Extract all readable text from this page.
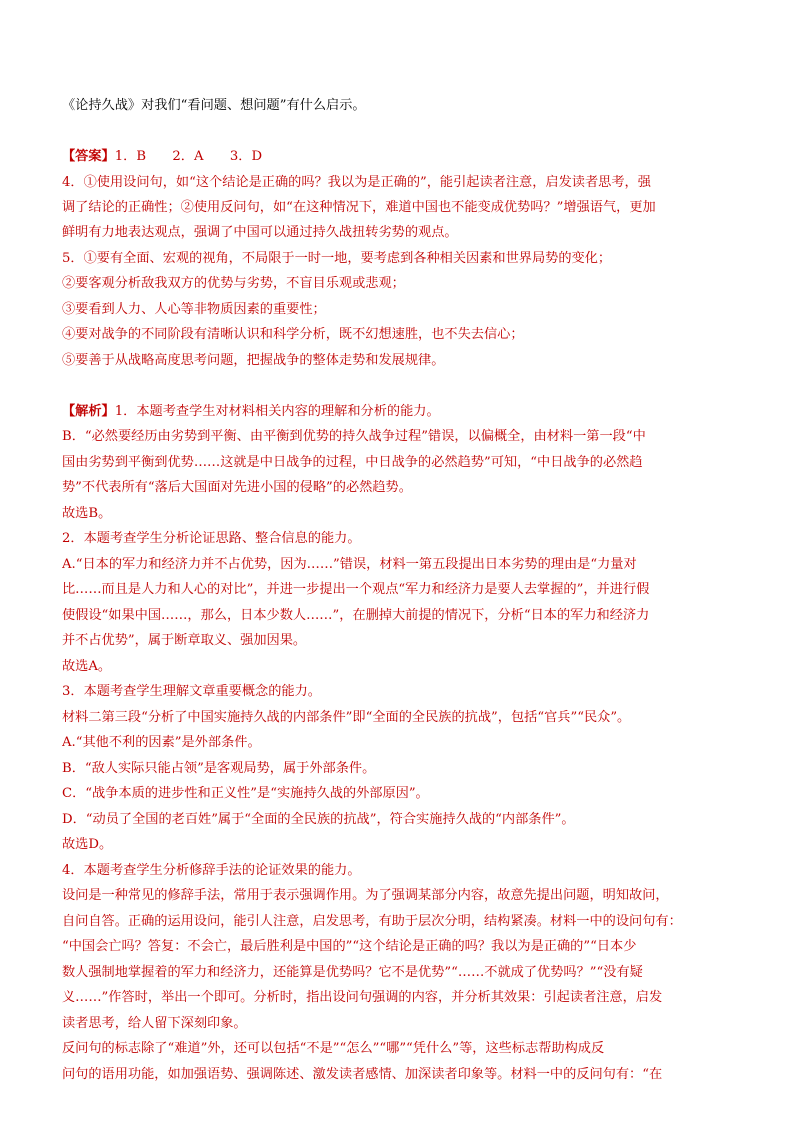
《论持久战》对我们“看问题、想问题”有什么启示。
【答案】1．B　　2．A　　3．D
4．①使用设问句，如“这个结论是正确的吗？我以为是正确的”，能引起读者注意，启发读者思考，强
调了结论的正确性；②使用反问句，如“在这种情况下，难道中国也不能变成优势吗？”增强语气，更加
鲜明有力地表达观点，强调了中国可以通过持久战扭转劣势的观点。
5．①要有全面、宏观的视角，不局限于一时一地，要考虑到各种相关因素和世界局势的变化；
②要客观分析敌我双方的优势与劣势，不盲目乐观或悲观；
③要看到人力、人心等非物质因素的重要性；
④要对战争的不同阶段有清晰认识和科学分析，既不幻想速胜，也不失去信心；
⑤要善于从战略高度思考问题，把握战争的整体走势和发展规律。
【解析】1．本题考查学生对材料相关内容的理解和分析的能力。
B．“必然要经历由劣势到平衡、由平衡到优势的持久战争过程”错误，以偏概全，由材料一第一段“中
国由劣势到平衡到优势……这就是中日战争的过程，中日战争的必然趋势”可知，“中日战争的必然趋
势”不代表所有“落后大国面对先进小国的侵略”的必然趋势。
故选B。
2．本题考查学生分析论证思路、整合信息的能力。
A.“日本的军力和经济力并不占优势，因为……”错误，材料一第五段提出日本劣势的理由是“力量对
比……而且是人力和人心的对比”，并进一步提出一个观点“军力和经济力是要人去掌握的”，并进行假
使假设“如果中国……，那么，日本少数人……”，在删掉大前提的情况下，分析“日本的军力和经济力
并不占优势”，属于断章取义、强加因果。
故选A。
3．本题考查学生理解文章重要概念的能力。
材料二第三段“分析了中国实施持久战的内部条件”即“全面的全民族的抗战”，包括“官兵”“民众”。
A.“其他不利的因素”是外部条件。
B．“敌人实际只能占领”是客观局势，属于外部条件。
C．“战争本质的进步性和正义性”是“实施持久战的外部原因”。
D．“动员了全国的老百姓”属于“全面的全民族的抗战”，符合实施持久战的“内部条件”。
故选D。
4．本题考查学生分析修辞手法的论证效果的能力。
设问是一种常见的修辞手法，常用于表示强调作用。为了强调某部分内容，故意先提出问题，明知故问，
自问自答。正确的运用设问，能引人注意，启发思考，有助于层次分明，结构紧凑。材料一中的设问句有：
“中国会亡吗？答复：不会亡，最后胜利是中国的”“这个结论是正确的吗？我以为是正确的”“日本少
数人强制地掌握着的军力和经济力，还能算是优势吗？它不是优势”“……不就成了优势吗？”“没有疑
义……”作答时，举出一个即可。分析时，指出设问句强调的内容，并分析其效果：引起读者注意，启发
读者思考，给人留下深刻印象。
反问句的标志除了“难道”外，还可以包括“不是”“怎么”“哪”“凭什么”等，这些标志帮助构成反
问句的语用功能，如加强语势、强调陈述、激发读者感情、加深读者印象等。材料一中的反问句有：“在
